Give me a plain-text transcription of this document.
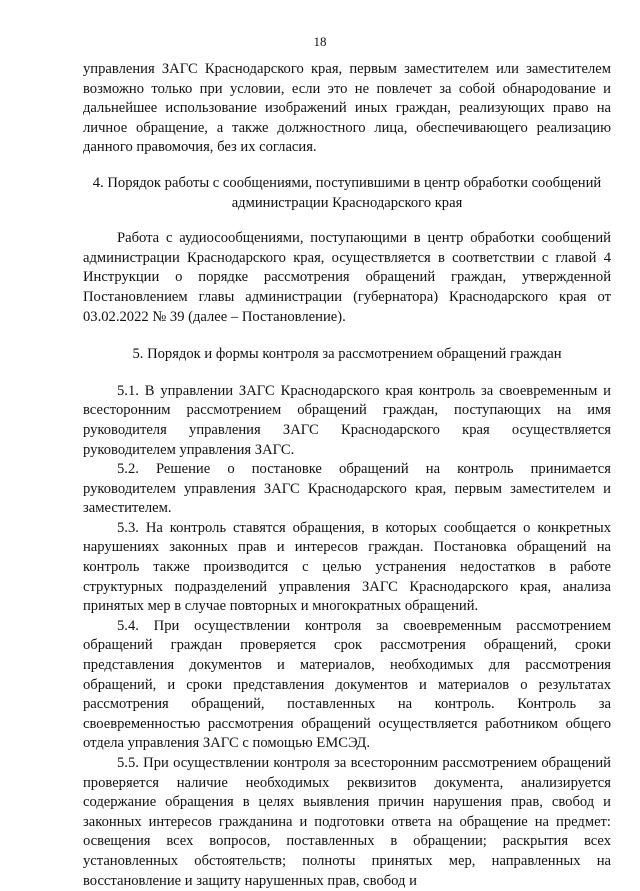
18

управления ЗАГС Краснодарского края, первым заместителем или заместителем возможно только при условии, если это не повлечет за собой обнародование и дальнейшее использование изображений иных граждан, реализующих право на личное обращение, а также должностного лица, обеспечивающего реализацию данного правомочия, без их согласия.

4. Порядок работы с сообщениями, поступившими в центр обработки сообщений администрации Краснодарского края

Работа с аудиосообщениями, поступающими в центр обработки сообщений администрации Краснодарского края, осуществляется в соответствии с главой 4 Инструкции о порядке рассмотрения обращений граждан, утвержденной Постановлением главы администрации (губернатора) Краснодарского края от 03.02.2022 № 39 (далее – Постановление).

5. Порядок и формы контроля за рассмотрением обращений граждан

5.1. В управлении ЗАГС Краснодарского края контроль за своевременным и всесторонним рассмотрением обращений граждан, поступающих на имя руководителя управления ЗАГС Краснодарского края осуществляется руководителем управления ЗАГС.

5.2. Решение о постановке обращений на контроль принимается руководителем управления ЗАГС Краснодарского края, первым заместителем и заместителем.

5.3. На контроль ставятся обращения, в которых сообщается о конкретных нарушениях законных прав и интересов граждан. Постановка обращений на контроль также производится с целью устранения недостатков в работе структурных подразделений управления ЗАГС Краснодарского края, анализа принятых мер в случае повторных и многократных обращений.

5.4. При осуществлении контроля за своевременным рассмотрением обращений граждан проверяется срок рассмотрения обращений, сроки представления документов и материалов, необходимых для рассмотрения обращений, и сроки представления документов и материалов о результатах рассмотрения обращений, поставленных на контроль. Контроль за своевременностью рассмотрения обращений осуществляется работником общего отдела управления ЗАГС с помощью ЕМСЭД.

5.5. При осуществлении контроля за всесторонним рассмотрением обращений проверяется наличие необходимых реквизитов документа, анализируется содержание обращения в целях выявления причин нарушения прав, свобод и законных интересов гражданина и подготовки ответа на обращение на предмет: освещения всех вопросов, поставленных в обращении; раскрытия всех установленных обстоятельств; полноты принятых мер, направленных на восстановление и защиту нарушенных прав, свобод и
